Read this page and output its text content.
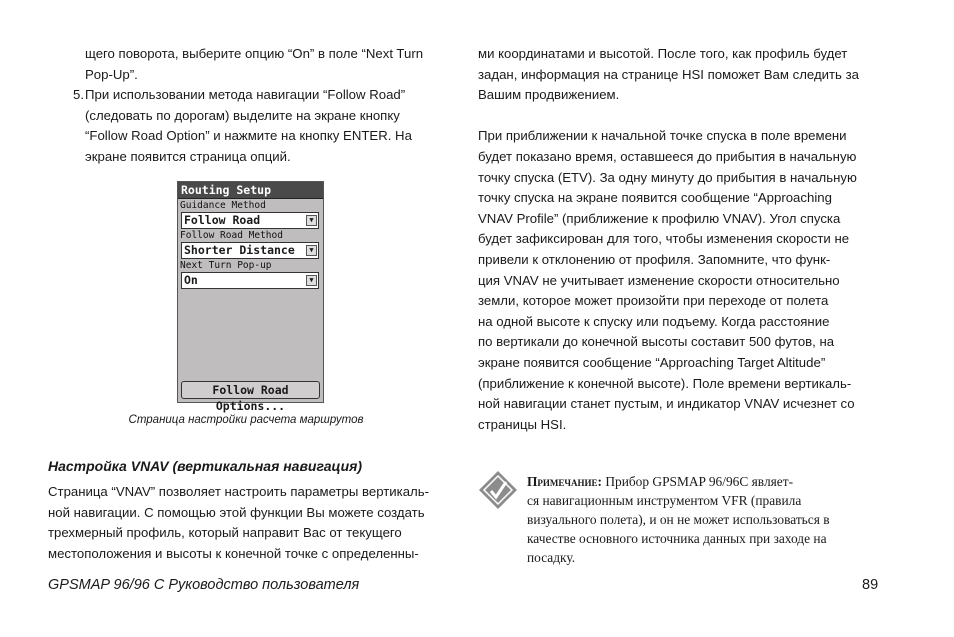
щего поворота, выберите опцию “On” в поле “Next Turn
Pop-Up”.
5. При использовании метода навигации “Follow Road”
(следовать по дорогам) выделите на экране кнопку
“Follow Road Option” и нажмите на кнопку ENTER. На
экране появится страница опций.
Routing Setup
Guidance Method
Follow Road	▼
Follow Road Method
Shorter Distance	▼
Next Turn Pop-up
On	▼
Follow Road Options...
Страница настройки расчета маршрутов
Настройка VNAV (вертикальная навигация)
Страница “VNAV” позволяет настроить параметры вертикаль-
ной навигации. С помощью этой функции Вы можете создать
трехмерный профиль, который направит Вас от текущего
местоположения и высоты к конечной точке с определенны-
ми координатами и высотой. После того, как профиль будет
задан, информация на странице HSI поможет Вам следить за
Вашим продвижением.
При приближении к начальной точке спуска в поле времени
будет показано время, оставшееся до прибытия в начальную
точку спуска (ETV). За одну минуту до прибытия в начальную
точку спуска на экране появится сообщение “Approaching
VNAV Profile” (приближение к профилю VNAV). Угол спуска
будет зафиксирован для того, чтобы изменения скорости не
привели к отклонению от профиля. Запомните, что функ-
ция VNAV не учитывает изменение скорости относительно
земли, которое может произойти при переходе от полета
на одной высоте к спуску или подъему. Когда расстояние
по вертикали до конечной высоты составит 500 футов, на
экране появится сообщение “Approaching Target Altitude”
(приближение к конечной высоте). Поле времени вертикаль-
ной навигации станет пустым, и индикатор VNAV исчезнет со
страницы HSI.
Примечание: Прибор GPSMAP 96/96C являет-
ся навигационным инструментом VFR (правила
визуального полета), и он не может использоваться в
качестве основного источника данных при заходе на
посадку.
GPSMAP 96/96 C Руководство пользователя	89
